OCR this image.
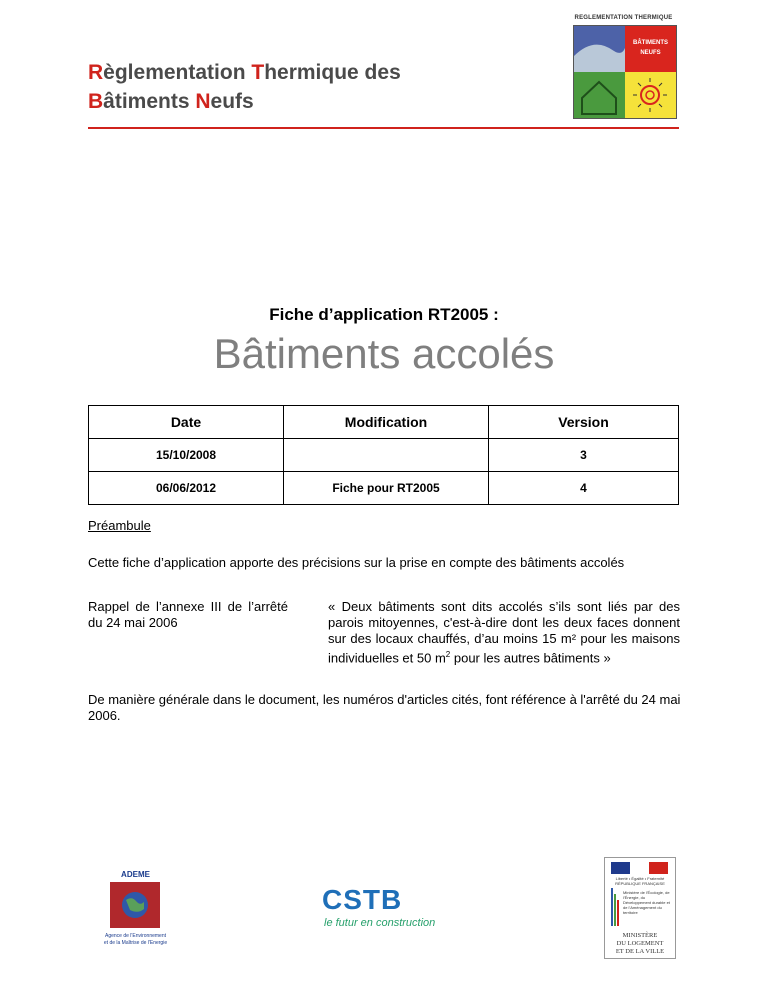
Règlementation Thermique des
Bâtiments Neufs
REGLEMENTATION THERMIQUE
BÂTIMENTS
NEUFS
Fiche d’application RT2005 :
Bâtiments accolés
Date	Modification	Version
15/10/2008		3
06/06/2012	Fiche pour RT2005	4
Préambule
Cette fiche d’application apporte des précisions sur la prise en compte des bâtiments accolés
Rappel de l’annexe III de l’arrêté du 24 mai 2006
« Deux bâtiments sont dits accolés s’ils sont liés par des parois mitoyennes, c'est-à-dire dont les deux faces donnent sur des locaux chauffés, d’au moins 15 m² pour les maisons individuelles et 50 $m^2$ pour les autres bâtiments »
De manière générale dans le document, les numéros d'articles cités, font référence à l'arrêté du 24 mai 2006.
ADEME
Agence de l'Environnement
et de la Maîtrise de l'Energie
CSTB
le futur en construction
Liberté • Égalité • Fraternité
RÉPUBLIQUE FRANÇAISE
Ministère de l'Écologie, de l'Énergie, du Développement durable et de l'Aménagement du territoire
MINISTÈRE
DU LOGEMENT
ET DE LA VILLE
